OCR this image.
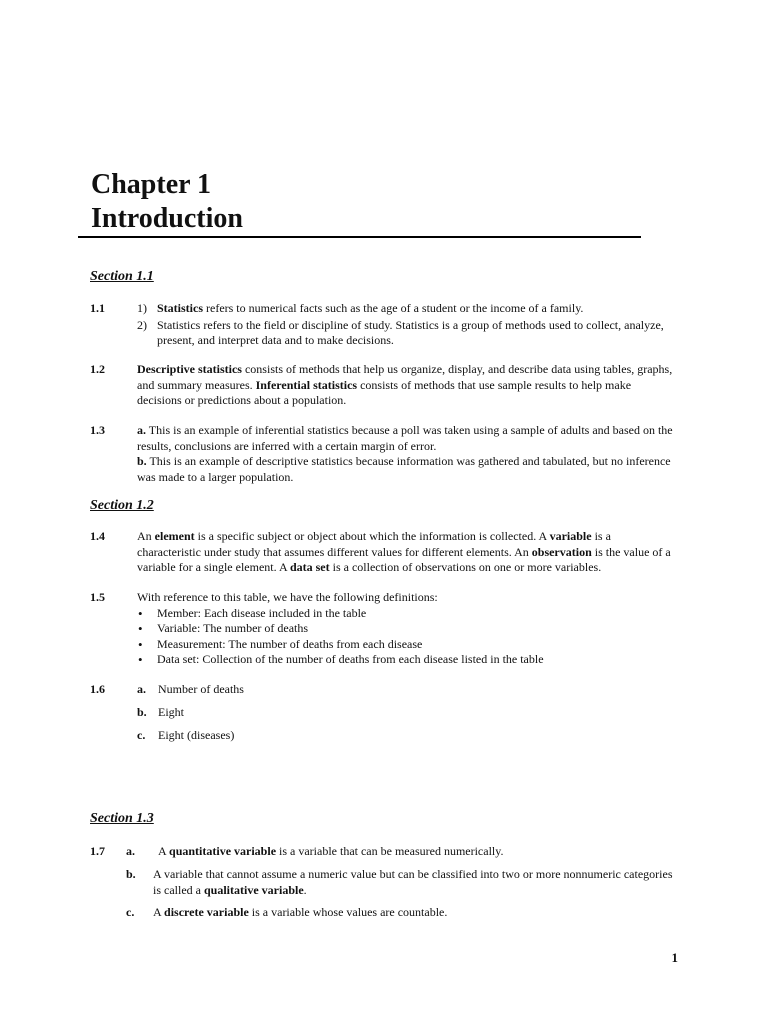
Chapter 1
Introduction
Section 1.1
1.1	1) Statistics refers to numerical facts such as the age of a student or the income of a family.
2) Statistics refers to the field or discipline of study. Statistics is a group of methods used to collect, analyze, present, and interpret data and to make decisions.
1.2	Descriptive statistics consists of methods that help us organize, display, and describe data using tables, graphs, and summary measures. Inferential statistics consists of methods that use sample results to help make decisions or predictions about a population.
1.3	a. This is an example of inferential statistics because a poll was taken using a sample of adults and based on the results, conclusions are inferred with a certain margin of error.
b. This is an example of descriptive statistics because information was gathered and tabulated, but no inference was made to a larger population.
Section 1.2
1.4	An element is a specific subject or object about which the information is collected. A variable is a characteristic under study that assumes different values for different elements. An observation is the value of a variable for a single element. A data set is a collection of observations on one or more variables.
1.5	With reference to this table, we have the following definitions:
• Member: Each disease included in the table
• Variable: The number of deaths
• Measurement: The number of deaths from each disease
• Data set: Collection of the number of deaths from each disease listed in the table
1.6	a. Number of deaths
b. Eight
c. Eight (diseases)
Section 1.3
1.7 a. A quantitative variable is a variable that can be measured numerically.
b. A variable that cannot assume a numeric value but can be classified into two or more nonnumeric categories is called a qualitative variable.
c. A discrete variable is a variable whose values are countable.
1
